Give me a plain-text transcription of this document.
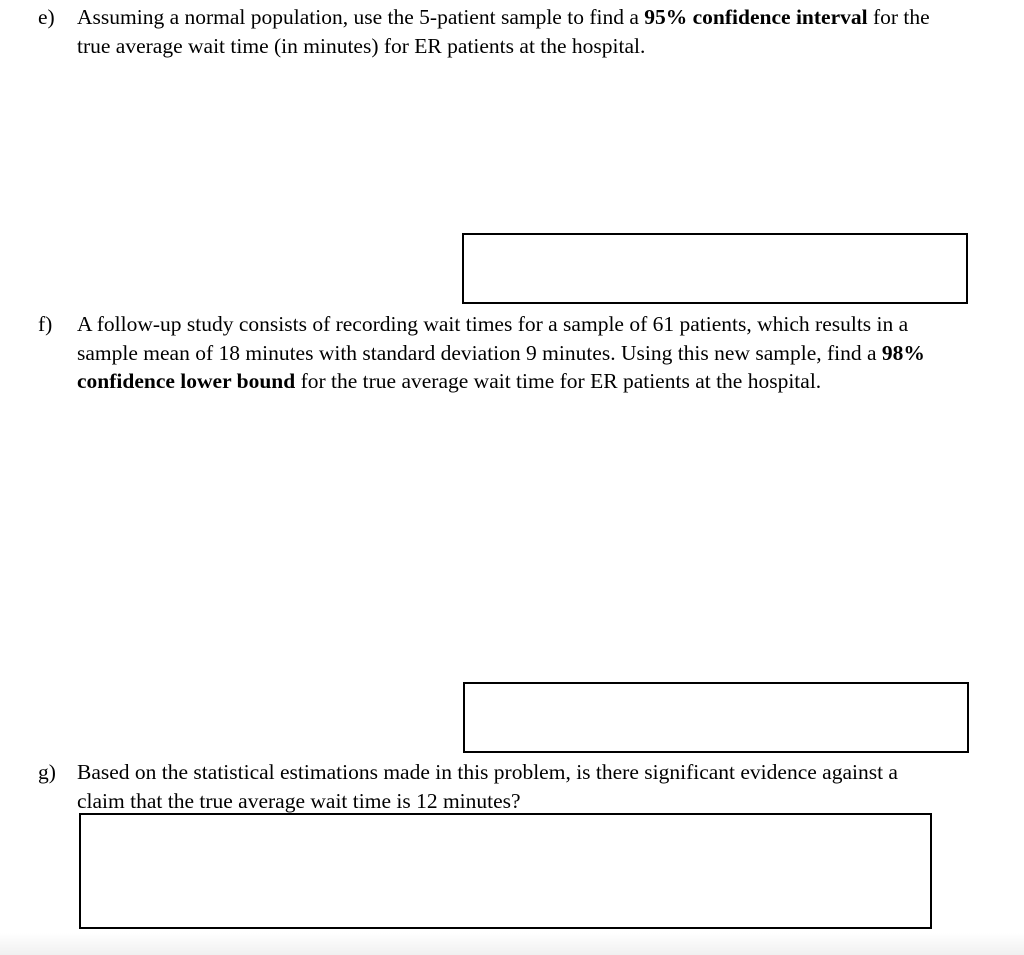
e)	Assuming a normal population, use the 5-patient sample to find a 95% confidence interval for the true average wait time (in minutes) for ER patients at the hospital.
f)	A follow-up study consists of recording wait times for a sample of 61 patients, which results in a sample mean of 18 minutes with standard deviation 9 minutes. Using this new sample, find a 98% confidence lower bound for the true average wait time for ER patients at the hospital.
g) Based on the statistical estimations made in this problem, is there significant evidence against a claim that the true average wait time is 12 minutes?
